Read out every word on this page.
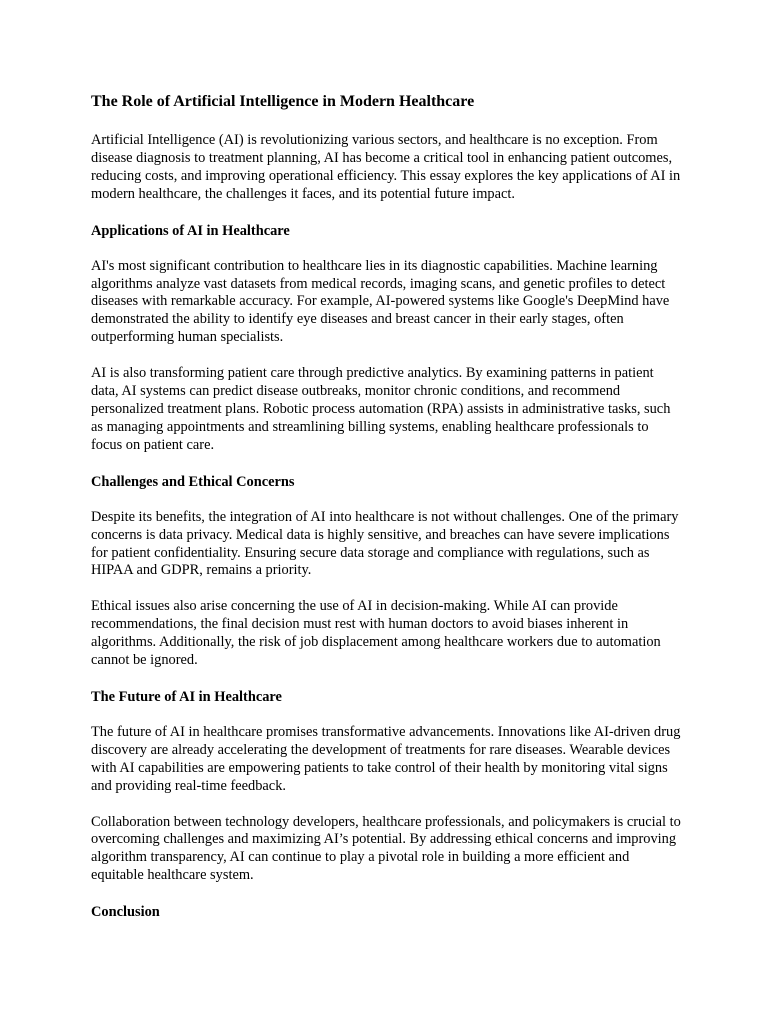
The Role of Artificial Intelligence in Modern Healthcare

Artificial Intelligence (AI) is revolutionizing various sectors, and healthcare is no exception. From disease diagnosis to treatment planning, AI has become a critical tool in enhancing patient outcomes, reducing costs, and improving operational efficiency. This essay explores the key applications of AI in modern healthcare, the challenges it faces, and its potential future impact.

Applications of AI in Healthcare

AI's most significant contribution to healthcare lies in its diagnostic capabilities. Machine learning algorithms analyze vast datasets from medical records, imaging scans, and genetic profiles to detect diseases with remarkable accuracy. For example, AI-powered systems like Google's DeepMind have demonstrated the ability to identify eye diseases and breast cancer in their early stages, often outperforming human specialists.

AI is also transforming patient care through predictive analytics. By examining patterns in patient data, AI systems can predict disease outbreaks, monitor chronic conditions, and recommend personalized treatment plans. Robotic process automation (RPA) assists in administrative tasks, such as managing appointments and streamlining billing systems, enabling healthcare professionals to focus on patient care.

Challenges and Ethical Concerns

Despite its benefits, the integration of AI into healthcare is not without challenges. One of the primary concerns is data privacy. Medical data is highly sensitive, and breaches can have severe implications for patient confidentiality. Ensuring secure data storage and compliance with regulations, such as HIPAA and GDPR, remains a priority.

Ethical issues also arise concerning the use of AI in decision-making. While AI can provide recommendations, the final decision must rest with human doctors to avoid biases inherent in algorithms. Additionally, the risk of job displacement among healthcare workers due to automation cannot be ignored.

The Future of AI in Healthcare

The future of AI in healthcare promises transformative advancements. Innovations like AI-driven drug discovery are already accelerating the development of treatments for rare diseases. Wearable devices with AI capabilities are empowering patients to take control of their health by monitoring vital signs and providing real-time feedback.

Collaboration between technology developers, healthcare professionals, and policymakers is crucial to overcoming challenges and maximizing AI’s potential. By addressing ethical concerns and improving algorithm transparency, AI can continue to play a pivotal role in building a more efficient and equitable healthcare system.

Conclusion
